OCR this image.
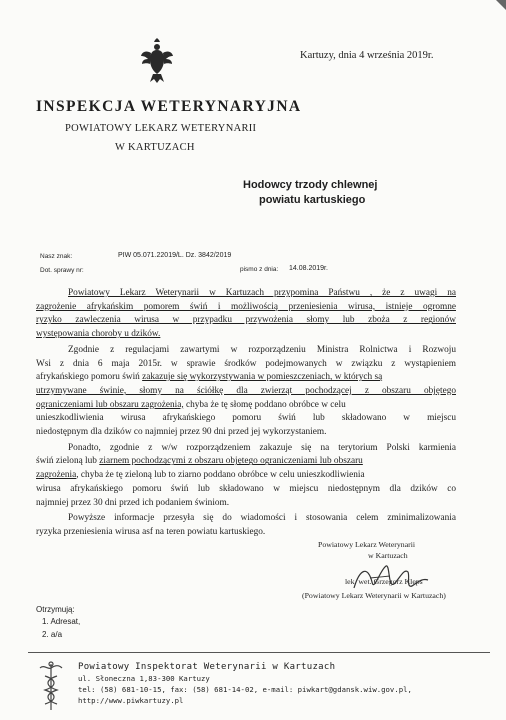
Kartuzy, dnia 4 września 2019r.
INSPEKCJA WETERYNARYJNA
POWIATOWY LEKARZ WETERYNARII
W KARTUZACH
Hodowcy trzody chlewnej
powiatu kartuskiego
Nasz znak:	PIW 05.071.22019/L. Dz. 3842/2019
Dot. sprawy nr:	pismo z dnia: 14.08.2019r.

Powiatowy Lekarz Weterynarii w Kartuzach przypomina Państwu , że z uwagi na
zagrożenie afrykańskim pomorem świń i możliwością przeniesienia wirusa, istnieje ogromne
ryzyko zawleczenia wirusa w przypadku przywożenia słomy lub zboża z regionów
występowania choroby u dzików.

Zgodnie z regulacjami zawartymi w rozporządzeniu Ministra Rolnictwa i Rozwoju
Wsi z dnia 6 maja 2015r. w sprawie środków podejmowanych w związku z wystąpieniem
afrykańskiego pomoru świń zakazuje się wykorzystywania w pomieszczeniach, w których są
utrzymywane świnie, słomy na ściółkę dla zwierząt pochodzącej z obszaru objętego
ograniczeniami lub obszaru zagrożenia, chyba że tę słomę poddano obróbce w celu
unieszkodliwienia wirusa afrykańskiego pomoru świń lub składowano w miejscu
niedostępnym dla dzików co najmniej przez 90 dni przed jej wykorzystaniem.

Ponadto, zgodnie z w/w rozporządzeniem zakazuje się na terytorium Polski karmienia
świń zieloną lub ziarnem pochodzącymi z obszaru objętego ograniczeniami lub obszaru
zagrożenia, chyba że tę zieloną lub to ziarno poddano obróbce w celu unieszkodliwienia
wirusa afrykańskiego pomoru świń lub składowano w miejscu niedostępnym dla dzików co
najmniej przez 30 dni przed ich podaniem świniom.

Powyższe informacje przesyła się do wiadomości i stosowania celem zminimalizowania
ryzyka przeniesienia wirusa asf na teren powiatu kartuskiego.

Powiatowy Lekarz Weterynarii
w Kartuzach
lek. wet. Grzegorz Kleps
(Powiatowy Lekarz Weterynarii w Kartuzach)
Otrzymują:
1. Adresat,
2. a/a
Powiatowy Inspektorat Weterynarii w Kartuzach
ul. Słoneczna 1,83-300 Kartuzy
tel: (58) 681-10-15, fax: (58) 681-14-02, e-mail: piwkart@gdansk.wiw.gov.pl,
http://www.piwkartuzy.pl
